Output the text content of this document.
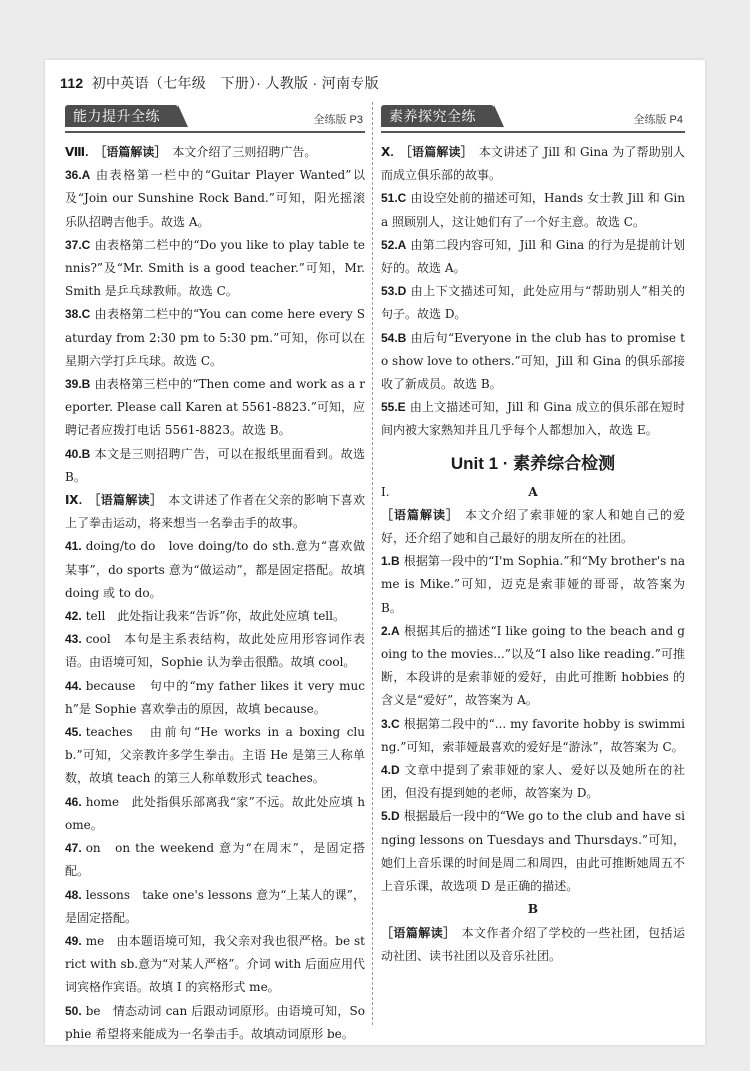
112 初中英语（七年级　下册）· 人教版 · 河南专版
能力提升全练	全练版 P3

Ⅷ. ［语篇解读］ 本文介绍了三则招聘广告。

36.A 由表格第一栏中的“Guitar Player Wanted”以及“Join our Sunshine Rock Band.”可知，阳光摇滚乐队招聘吉他手。故选 A。

37.C 由表格第二栏中的“Do you like to play table tennis?”及“Mr. Smith is a good teacher.”可知，Mr. Smith 是乒乓球教师。故选 C。

38.C 由表格第二栏中的“You can come here every Saturday from 2:30 pm to 5:30 pm.”可知，你可以在星期六学打乒乓球。故选 C。

39.B 由表格第三栏中的“Then come and work as a reporter. Please call Karen at 5561-8823.”可知，应聘记者应拨打电话 5561-8823。故选 B。

40.B 本文是三则招聘广告，可以在报纸里面看到。故选 B。

Ⅸ. ［语篇解读］ 本文讲述了作者在父亲的影响下喜欢上了拳击运动，将来想当一名拳击手的故事。

41. doing/to do　love doing/to do sth.意为“喜欢做某事”，do sports 意为“做运动”，都是固定搭配。故填 doing 或 to do。

42. tell　此处指让我来“告诉”你，故此处应填 tell。

43. cool　本句是主系表结构，故此处应用形容词作表语。由语境可知，Sophie 认为拳击很酷。故填 cool。

44. because　句中的“my father likes it very much”是 Sophie 喜欢拳击的原因，故填 because。

45. teaches　由前句“He works in a boxing club.”可知，父亲教许多学生拳击。主语 He 是第三人称单数，故填 teach 的第三人称单数形式 teaches。

46. home　此处指俱乐部离我“家”不远。故此处应填 home。

47. on　on the weekend 意为“在周末”，是固定搭配。

48. lessons　take one's lessons 意为“上某人的课”，是固定搭配。

49. me　由本题语境可知，我父亲对我也很严格。be strict with sb.意为“对某人严格”。介词 with 后面应用代词宾格作宾语。故填 I 的宾格形式 me。

50. be　情态动词 can 后跟动词原形。由语境可知，Sophie 希望将来能成为一名拳击手。故填动词原形 be。

素养探究全练	全练版 P4

Ⅹ. ［语篇解读］ 本文讲述了 Jill 和 Gina 为了帮助别人而成立俱乐部的故事。

51.C 由设空处前的描述可知，Hands 女士教 Jill 和 Gina 照顾别人，这让她们有了一个好主意。故选 C。

52.A 由第二段内容可知，Jill 和 Gina 的行为是提前计划好的。故选 A。

53.D 由上下文描述可知，此处应用与“帮助别人”相关的句子。故选 D。

54.B 由后句“Everyone in the club has to promise to show love to others.”可知，Jill 和 Gina 的俱乐部接收了新成员。故选 B。

55.E 由上文描述可知，Jill 和 Gina 成立的俱乐部在短时间内被大家熟知并且几乎每个人都想加入，故选 E。

Unit 1 · 素养综合检测

Ⅰ.	A

［语篇解读］ 本文介绍了索菲娅的家人和她自己的爱好，还介绍了她和自己最好的朋友所在的社团。

1.B 根据第一段中的“I'm Sophia.”和“My brother's name is Mike.”可知，迈克是索菲娅的哥哥，故答案为 B。

2.A 根据其后的描述“I like going to the beach and going to the movies...”以及“I also like reading.”可推断，本段讲的是索菲娅的爱好，由此可推断 hobbies 的含义是“爱好”，故答案为 A。

3.C 根据第二段中的“... my favorite hobby is swimming.”可知，索菲娅最喜欢的爱好是“游泳”，故答案为 C。

4.D 文章中提到了索菲娅的家人、爱好以及她所在的社团，但没有提到她的老师，故答案为 D。

5.D 根据最后一段中的“We go to the club and have singing lessons on Tuesdays and Thursdays.”可知，她们上音乐课的时间是周二和周四，由此可推断她周五不上音乐课，故选项 D 是正确的描述。

B

［语篇解读］ 本文作者介绍了学校的一些社团，包括运动社团、读书社团以及音乐社团。
